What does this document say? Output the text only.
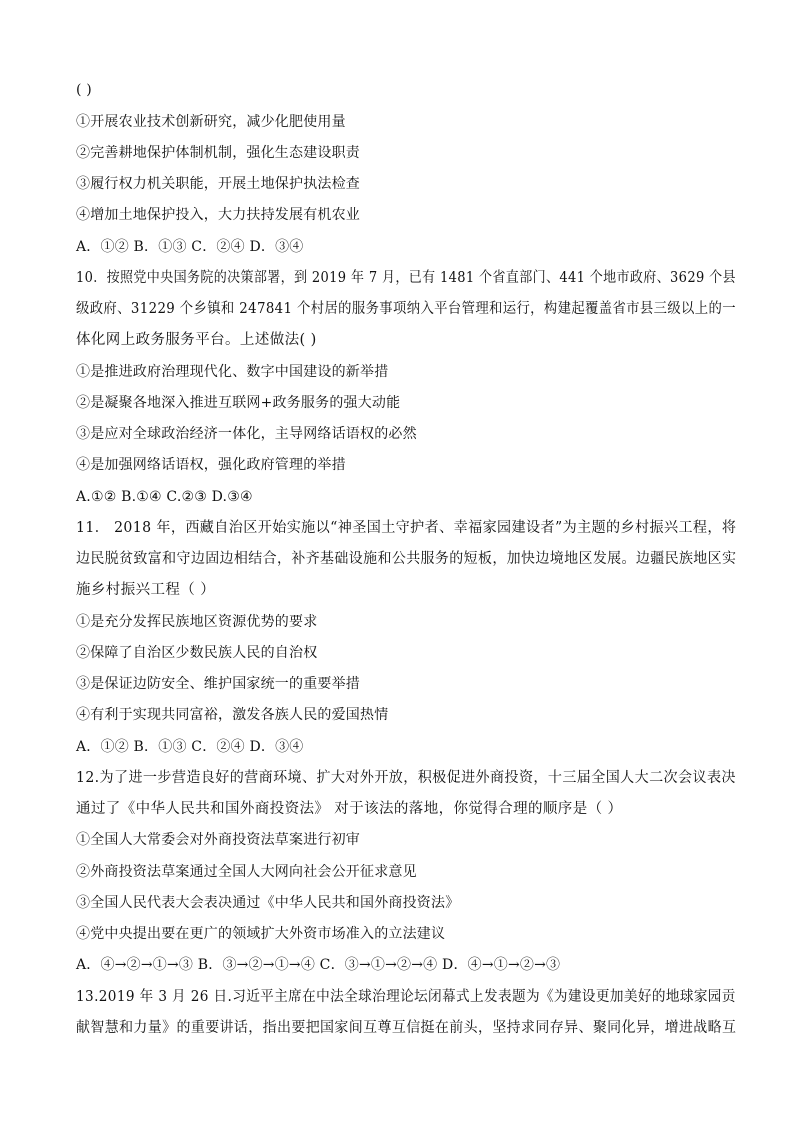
( )
①开展农业技术创新研究，减少化肥使用量
②完善耕地保护体制机制，强化生态建设职责
③履行权力机关职能，开展土地保护执法检查
④增加土地保护投入，大力扶持发展有机农业
A．①② B．①③ C．②④ D．③④
10．按照党中央国务院的决策部署，到 2019 年 7 月，已有 1481 个省直部门、441 个地市政府、3629 个县
级政府、31229 个乡镇和 247841 个村居的服务事项纳入平台管理和运行，构建起覆盖省市县三级以上的一
体化网上政务服务平台。上述做法( )
①是推进政府治理现代化、数字中国建设的新举措
②是凝聚各地深入推进互联网+政务服务的强大动能
③是应对全球政治经济一体化，主导网络话语权的必然
④是加强网络话语权，强化政府管理的举措
A.①② B.①④ C.②③ D.③④
11． 2018 年，西藏自治区开始实施以“神圣国土守护者、幸福家园建设者”为主题的乡村振兴工程，将
边民脱贫致富和守边固边相结合，补齐基础设施和公共服务的短板，加快边境地区发展。边疆民族地区实
施乡村振兴工程（ ）
①是充分发挥民族地区资源优势的要求
②保障了自治区少数民族人民的自治权
③是保证边防安全、维护国家统一的重要举措
④有利于实现共同富裕，激发各族人民的爱国热情
A．①② B．①③ C．②④ D．③④
12.为了进一步营造良好的营商环境、扩大对外开放，积极促进外商投资，十三届全国人大二次会议表决
通过了《中华人民共和国外商投资法》 对于该法的落地，你觉得合理的顺序是（ ）
①全国人大常委会对外商投资法草案进行初审
②外商投资法草案通过全国人大网向社会公开征求意见
③全国人民代表大会表决通过《中华人民共和国外商投资法》
④党中央提出要在更广的领域扩大外资市场准入的立法建议
A．④→②→①→③ B．③→②→①→④ C．③→①→②→④ D．④→①→②→③
13.2019 年 3 月 26 日.习近平主席在中法全球治理论坛闭幕式上发表题为《为建设更加美好的地球家园贡
献智慧和力量》的重要讲话，指出要把国家间互尊互信挺在前头，坚持求同存异、聚同化异，增进战略互
